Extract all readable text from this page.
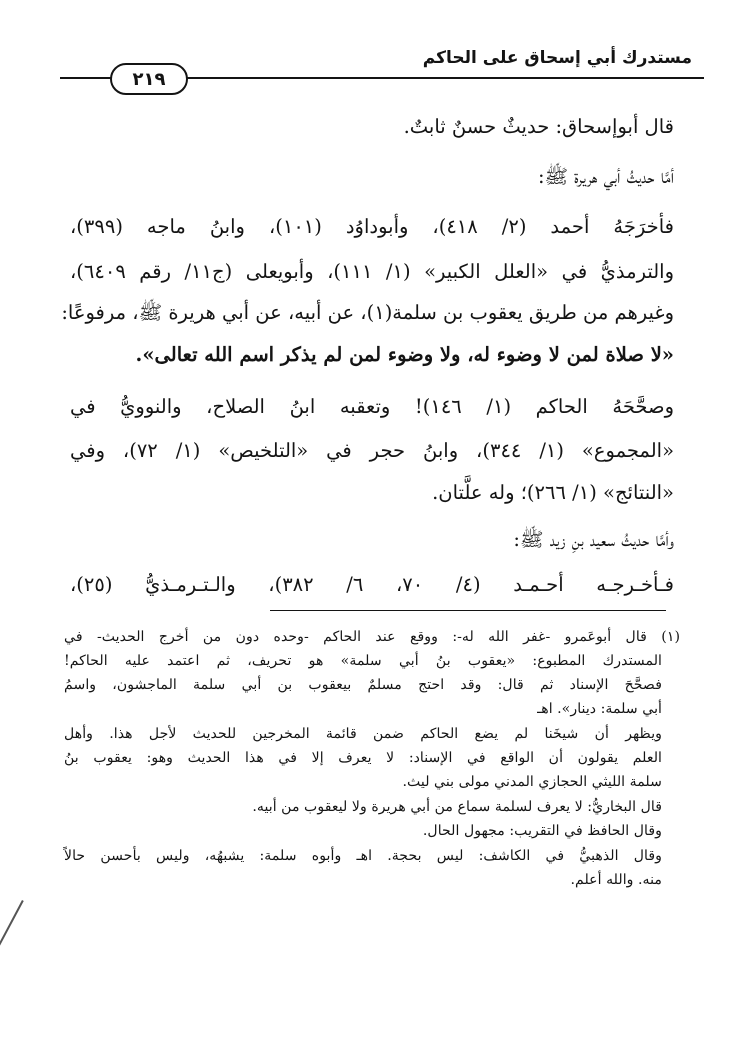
مستدرك أبي إسحاق على الحاكم
٢١٩
قال أبوإسحاق: حديثٌ حسنٌ ثابتٌ.
أمَّا حديثُ أبي هريرة ﷺ:
فأخرَجَهُ أحمد (٢/ ٤١٨)، وأبوداوُد (١٠١)، وابنُ ماجه (٣٩٩)،
والترمذيُّ في «العلل الكبير» (١/ ١١١)، وأبويعلى (ج١١/ رقم ٦٤٠٩)،
وغيرهم من طريق يعقوب بن سلمة(١)، عن أبيه، عن أبي هريرة ﷺ، مرفوعًا:
«لا صلاة لمن لا وضوء له، ولا وضوء لمن لم يذكر اسم الله تعالى».
وصحَّحَهُ الحاكم (١/ ١٤٦)! وتعقبه ابنُ الصلاح، والنوويُّ في
«المجموع» (١/ ٣٤٤)، وابنُ حجر في «التلخيص» (١/ ٧٢)، وفي
«النتائج» (١/ ٢٦٦)؛ وله علَّتان.
وأمَّا حديثُ سعيد بنِ زيد ﷺ:
فـأخـرجـه أحـمـد (٤/ ٧٠، ٦/ ٣٨٢)، والـتـرمـذيُّ (٢٥)،
(١) قال أبوعَمرو -غفر الله له-: ووقع عند الحاكم -وحده دون من أخرج الحديث- في
المستدرك المطبوع: «يعقوب بنُ أبي سلمة» هو تحريف، ثم اعتمد عليه الحاكم!
فصحَّحَ الإسناد ثم قال: وقد احتج مسلمٌ بيعقوب بن أبي سلمة الماجشون، واسمُ
أبي سلمة: دينار». اهـ
ويظهر أن شيخَنا لم يضع الحاكم ضمن قائمة المخرجين للحديث لأجل هذا. وأهل
العلم يقولون أن الواقع في الإسناد: لا يعرف إلا في هذا الحديث وهو: يعقوب بنُ
سلمة الليثي الحجازي المدني مولى بني ليث.
قال البخاريُّ: لا يعرف لسلمة سماع من أبي هريرة ولا ليعقوب من أبيه.
وقال الحافظ في التقريب: مجهول الحال.
وقال الذهبيُّ في الكاشف: ليس بحجة. اهـ وأبوه سلمة: يشبهُه، وليس بأحسن حالاً
منه. والله أعلم.
